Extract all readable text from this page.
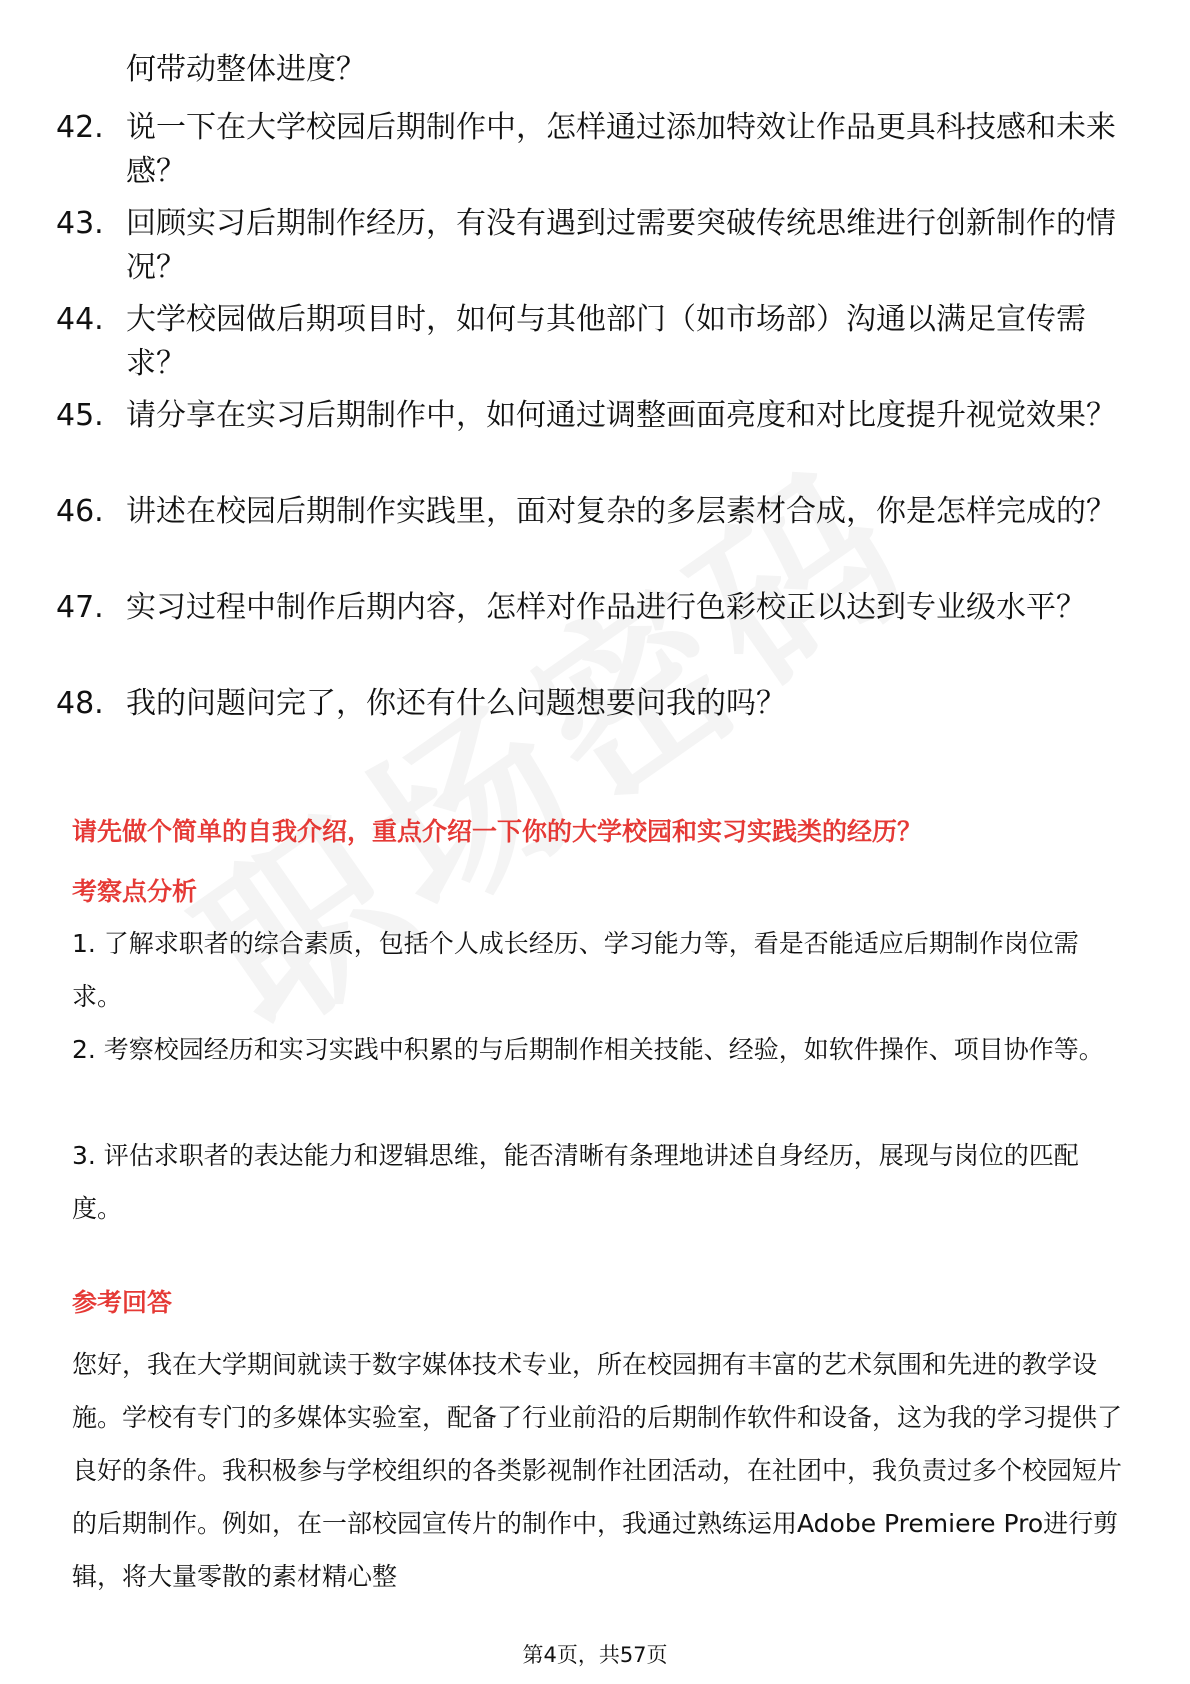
何带动整体进度？

42. 说一下在大学校园后期制作中，怎样通过添加特效让作品更具科技感和未来感？
43. 回顾实习后期制作经历，有没有遇到过需要突破传统思维进行创新制作的情况？
44. 大学校园做后期项目时，如何与其他部门（如市场部）沟通以满足宣传需求？
45. 请分享在实习后期制作中，如何通过调整画面亮度和对比度提升视觉效果？
46. 讲述在校园后期制作实践里，面对复杂的多层素材合成，你是怎样完成的？
47. 实习过程中制作后期内容，怎样对作品进行色彩校正以达到专业级水平？
48. 我的问题问完了，你还有什么问题想要问我的吗？
请先做个简单的自我介绍，重点介绍一下你的大学校园和实习实践类的经历？
考察点分析
1. 了解求职者的综合素质，包括个人成长经历、学习能力等，看是否能适应后期制作岗位需求。
2. 考察校园经历和实习实践中积累的与后期制作相关技能、经验，如软件操作、项目协作等。
3. 评估求职者的表达能力和逻辑思维，能否清晰有条理地讲述自身经历，展现与岗位的匹配度。
参考回答
您好，我在大学期间就读于数字媒体技术专业，所在校园拥有丰富的艺术氛围和先进的教学设施。学校有专门的多媒体实验室，配备了行业前沿的后期制作软件和设备，这为我的学习提供了良好的条件。我积极参与学校组织的各类影视制作社团活动，在社团中，我负责过多个校园短片的后期制作。例如，在一部校园宣传片的制作中，我通过熟练运用Adobe Premiere Pro进行剪辑，将大量零散的素材精心整
第4页，共57页
